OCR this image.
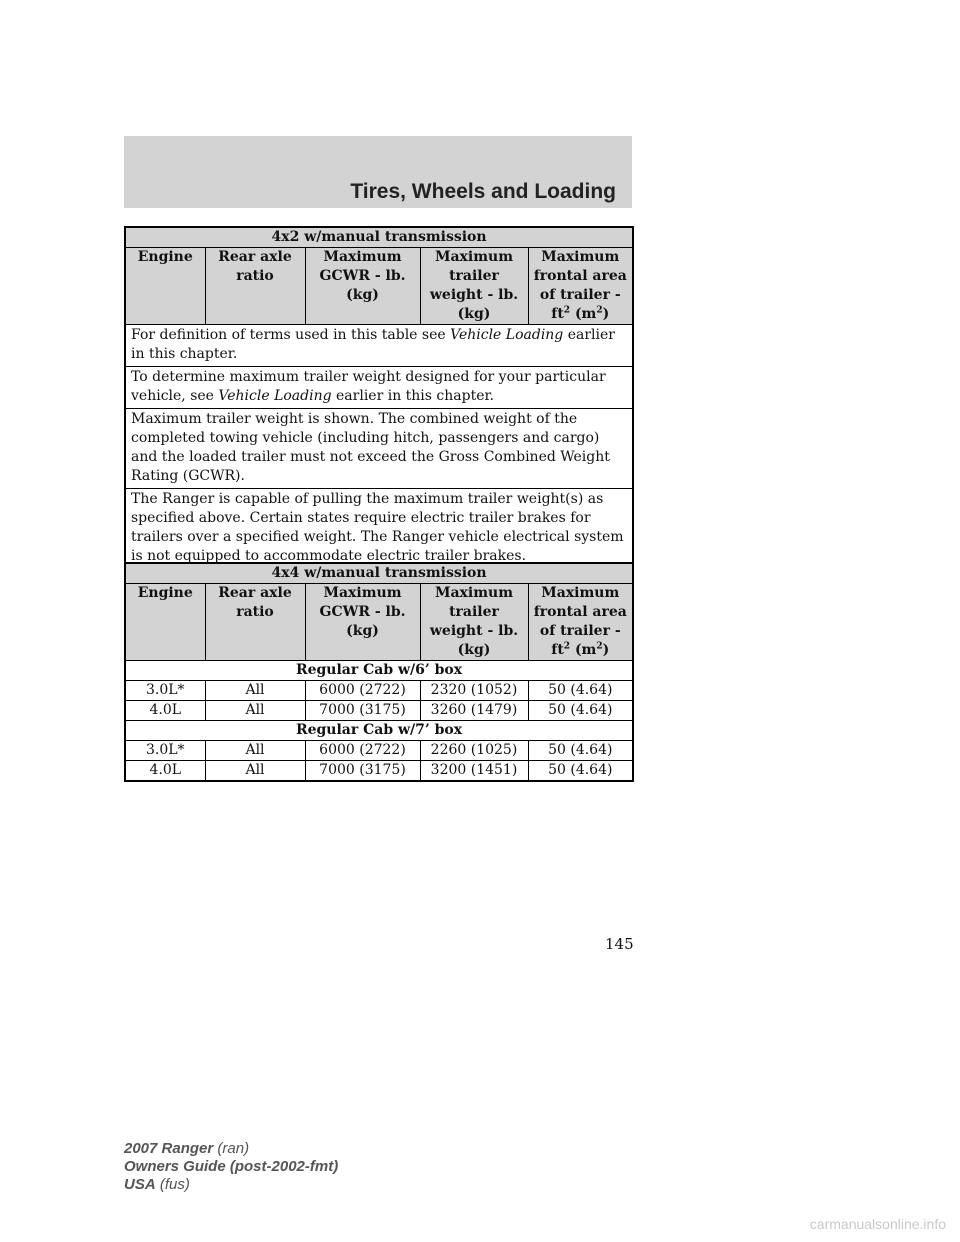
Tires, Wheels and Loading
4x2 w/manual transmission
Engine	Rear axle ratio	Maximum GCWR - lb. (kg)	Maximum trailer weight - lb. (kg)	Maximum frontal area of trailer - $ft^2$ $(m^2)$
For definition of terms used in this table see Vehicle Loading earlier in this chapter.
To determine maximum trailer weight designed for your particular vehicle, see Vehicle Loading earlier in this chapter.
Maximum trailer weight is shown. The combined weight of the completed towing vehicle (including hitch, passengers and cargo) and the loaded trailer must not exceed the Gross Combined Weight Rating (GCWR).
The Ranger is capable of pulling the maximum trailer weight(s) as specified above. Certain states require electric trailer brakes for trailers over a specified weight. The Ranger vehicle electrical system is not equipped to accommodate electric trailer brakes.
4x4 w/manual transmission				
Engine	Rear axle ratio	Maximum GCWR - lb. (kg)	Maximum trailer weight - lb. (kg)	Maximum frontal area of trailer - $ft^2$ $(m^2)$
Regular Cab w/6’ box				
3.0L*	All	6000 (2722)	2320 (1052)	50 (4.64)
4.0L	All	7000 (3175)	3260 (1479)	50 (4.64)
Regular Cab w/7’ box				
3.0L*	All	6000 (2722)	2260 (1025)	50 (4.64)
4.0L	All	7000 (3175)	3200 (1451)	50 (4.64)
145
2007 Ranger (ran)
Owners Guide (post-2002-fmt)
USA (fus)
carmanualsonline.info
